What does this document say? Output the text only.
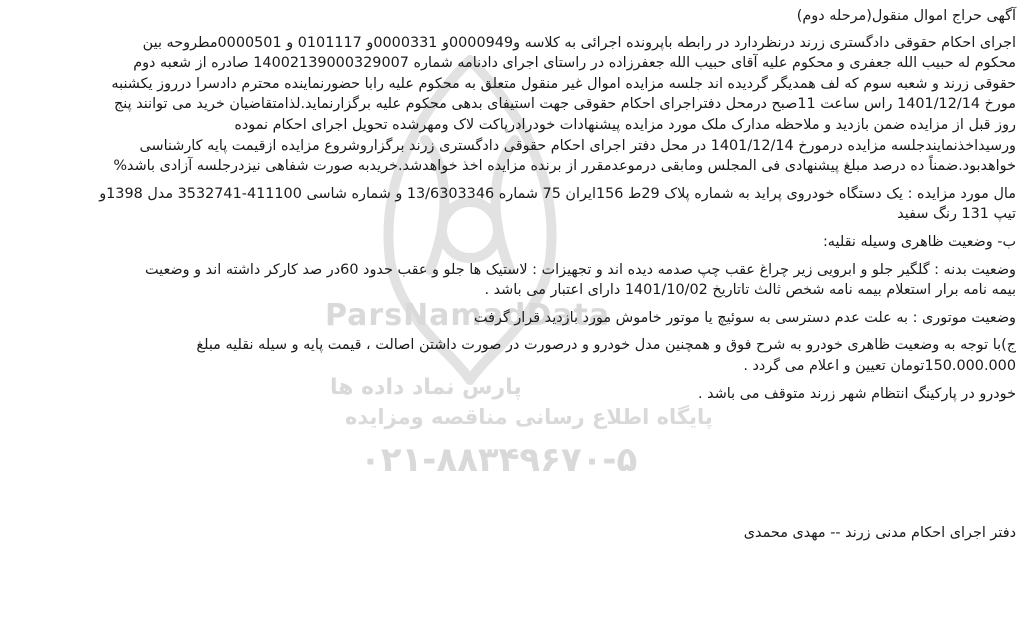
ParsNamadData
پارس نماد داده ها
پایگاه اطلاع رسانی مناقصه ومزایده
۰۲۱-۸۸۳۴۹۶۷۰-۵

آگهی حراج اموال منقول(مرحله دوم)

اجرای احکام حقوقی دادگستری زرند درنظردارد در رابطه باپرونده اجرائی به کلاسه و0000949و 0000331و 0101117 و 0000501مطروحه بین

محکوم له حبیب الله جعفری و محکوم علیه آقای حبیب الله جعفرزاده در راستای اجرای دادنامه شماره 14002139000329007 صادره از شعبه دوم

حقوقی زرند و شعبه سوم که لف همدیگر گردیده اند جلسه مزایده اموال غیر منقول متعلق به محکوم علیه رابا حضورنماینده محترم دادسرا درروز یکشنبه

مورخ 1401/12/14 راس ساعت 11صبح درمحل دفتراجرای احکام حقوقی جهت استیفای بدهی محکوم علیه برگزارنماید.لذامتقاضیان خرید می توانند پنج

روز قبل از مزایده ضمن بازدید و ملاحظه مدارک ملک مورد مزایده پیشنهادات خودرادرپاکت لاک ومهرشده تحویل اجرای احکام نموده

ورسیداخذنمایندجلسه مزایده درمورخ 1401/12/14 در محل دفتر اجرای احکام حقوقی دادگستری زرند برگزاروشروع مزایده ازقیمت پایه کارشناسی

خواهدبود.ضمناً ده درصد مبلغ پیشنهادی فی المجلس ومابقی درموعدمقرر از برنده مزایده اخذ خواهدشد.خریدبه صورت شفاهی نیزدرجلسه آزادی باشد%

مال مورد مزایده : یک دستگاه خودروی پراید به شماره پلاک 29ط 156ایران 75 شماره 13/6303346 و شماره شاسی 411100-3532741 مدل 1398و

تیپ 131 رنگ سفید

ب- وضعیت ظاهری وسیله نقلیه:

وضعیت بدنه : گلگیر جلو و ابرویی زیر چراغ عقب چپ صدمه دیده اند و تجهیزات : لاستیک ها جلو و عقب حدود 60در صد کارکر داشته اند و وضعیت

بیمه نامه برار استعلام بیمه نامه شخص ثالث تاتاریخ 1401/10/02 دارای اعتبار می باشد .

وضعیت موتوری : به علت عدم دسترسی به سوئیچ یا موتور خاموش مورد بازدید قرار گرفت

ج)با توجه به وضعیت ظاهری خودرو به شرح فوق و همچنین مدل خودرو و درصورت در صورت داشتن اصالت ، قیمت پایه و سیله نقلیه مبلغ

150.000.000تومان تعیین و اعلام می گردد .

خودرو در پارکینگ انتظام شهر زرند متوقف می باشد .

دفتر اجرای احکام مدنی زرند -- مهدی محمدی
